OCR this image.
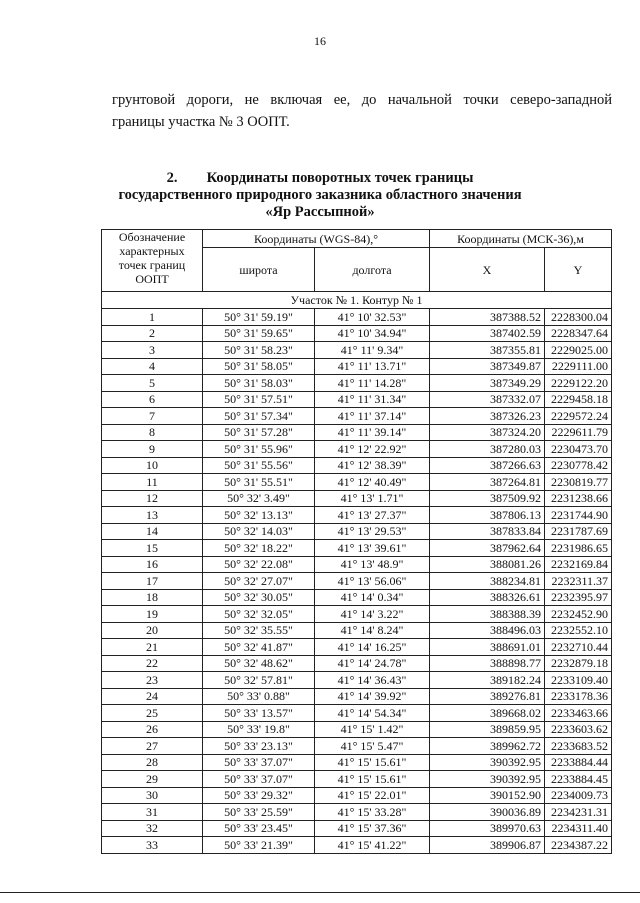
16
грунтовой дороги, не включая ее, до начальной точки северо-западной
границы участка № 3 ООПТ.
2. Координаты поворотных точек границы
государственного природного заказника областного значения
«Яр Рассыпной»
Обозначение характерных точек границ ООПТ	Координаты (WGS-84),°		Координаты (МСК-36),м	
	широта	долгота	X	Y
Участок № 1. Контур № 1				
1	50° 31' 59.19"	41° 10' 32.53"	387388.52	2228300.04
2	50° 31' 59.65"	41° 10' 34.94"	387402.59	2228347.64
3	50° 31' 58.23"	41° 11' 9.34"	387355.81	2229025.00
4	50° 31' 58.05"	41° 11' 13.71"	387349.87	2229111.00
5	50° 31' 58.03"	41° 11' 14.28"	387349.29	2229122.20
6	50° 31' 57.51"	41° 11' 31.34"	387332.07	2229458.18
7	50° 31' 57.34"	41° 11' 37.14"	387326.23	2229572.24
8	50° 31' 57.28"	41° 11' 39.14"	387324.20	2229611.79
9	50° 31' 55.96"	41° 12' 22.92"	387280.03	2230473.70
10	50° 31' 55.56"	41° 12' 38.39"	387266.63	2230778.42
11	50° 31' 55.51"	41° 12' 40.49"	387264.81	2230819.77
12	50° 32' 3.49"	41° 13' 1.71"	387509.92	2231238.66
13	50° 32' 13.13"	41° 13' 27.37"	387806.13	2231744.90
14	50° 32' 14.03"	41° 13' 29.53"	387833.84	2231787.69
15	50° 32' 18.22"	41° 13' 39.61"	387962.64	2231986.65
16	50° 32' 22.08"	41° 13' 48.9"	388081.26	2232169.84
17	50° 32' 27.07"	41° 13' 56.06"	388234.81	2232311.37
18	50° 32' 30.05"	41° 14' 0.34"	388326.61	2232395.97
19	50° 32' 32.05"	41° 14' 3.22"	388388.39	2232452.90
20	50° 32' 35.55"	41° 14' 8.24"	388496.03	2232552.10
21	50° 32' 41.87"	41° 14' 16.25"	388691.01	2232710.44
22	50° 32' 48.62"	41° 14' 24.78"	388898.77	2232879.18
23	50° 32' 57.81"	41° 14' 36.43"	389182.24	2233109.40
24	50° 33' 0.88"	41° 14' 39.92"	389276.81	2233178.36
25	50° 33' 13.57"	41° 14' 54.34"	389668.02	2233463.66
26	50° 33' 19.8"	41° 15' 1.42"	389859.95	2233603.62
27	50° 33' 23.13"	41° 15' 5.47"	389962.72	2233683.52
28	50° 33' 37.07"	41° 15' 15.61"	390392.95	2233884.44
29	50° 33' 37.07"	41° 15' 15.61"	390392.95	2233884.45
30	50° 33' 29.32"	41° 15' 22.01"	390152.90	2234009.73
31	50° 33' 25.59"	41° 15' 33.28"	390036.89	2234231.31
32	50° 33' 23.45"	41° 15' 37.36"	389970.63	2234311.40
33	50° 33' 21.39"	41° 15' 41.22"	389906.87	2234387.22
